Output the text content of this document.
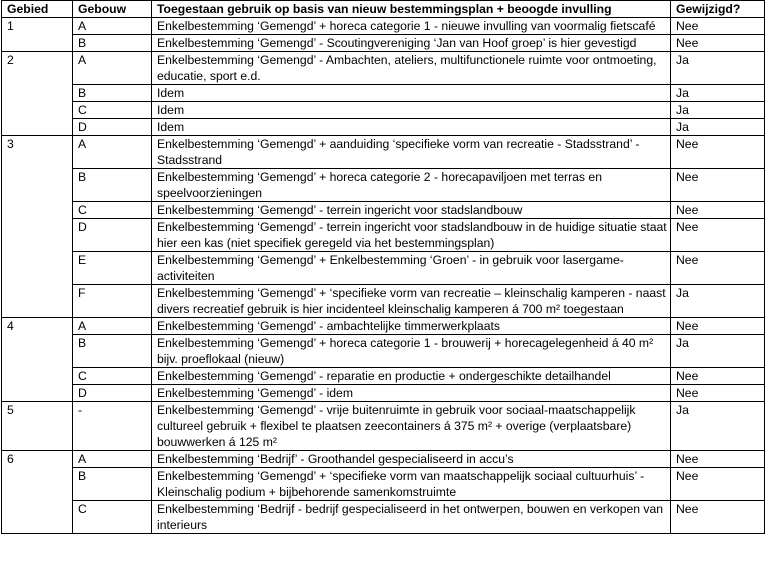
Gebied	Gebouw	Toegestaan gebruik op basis van nieuw bestemmingsplan + beoogde invulling	Gewijzigd?
1	A	Enkelbestemming ‘Gemengd’ + horeca categorie 1 - nieuwe invulling van voormalig fietscafé	Nee
	B	Enkelbestemming ‘Gemengd’ - Scoutingvereniging ‘Jan van Hoof groep’ is hier gevestigd	Nee
2	A	Enkelbestemming ‘Gemengd’ - Ambachten, ateliers, multifunctionele ruimte voor ontmoeting, educatie, sport e.d.	Ja
	B	Idem	Ja
	C	Idem	Ja
	D	Idem	Ja
3	A	Enkelbestemming ‘Gemengd’ + aanduiding ‘specifieke vorm van recreatie - Stadsstrand’ - Stadsstrand	Nee
	B	Enkelbestemming ‘Gemengd’ + horeca categorie 2 - horecapaviljoen met terras en speelvoorzieningen	Nee
	C	Enkelbestemming ‘Gemengd’ - terrein ingericht voor stadslandbouw	Nee
	D	Enkelbestemming ‘Gemengd’ - terrein ingericht voor stadslandbouw in de huidige situatie staat hier een kas (niet specifiek geregeld via het bestemmingsplan)	Nee
	E	Enkelbestemming ‘Gemengd’ + Enkelbestemming ‘Groen’ - in gebruik voor lasergame-activiteiten	Nee
	F	Enkelbestemming ‘Gemengd’ + ‘specifieke vorm van recreatie – kleinschalig kamperen - naast divers recreatief gebruik is hier incidenteel kleinschalig kamperen á 700 m² toegestaan	Ja
4	A	Enkelbestemming ‘Gemengd’ - ambachtelijke timmerwerkplaats	Nee
	B	Enkelbestemming ‘Gemengd’ + horeca categorie 1 - brouwerij + horecagelegenheid á 40 m² bijv. proeflokaal (nieuw)	Ja
	C	Enkelbestemming ‘Gemengd’ - reparatie en productie + ondergeschikte detailhandel	Nee
	D	Enkelbestemming ‘Gemengd’ - idem	Nee
5	-	Enkelbestemming ‘Gemengd’ - vrije buitenruimte in gebruik voor sociaal-maatschappelijk cultureel gebruik + flexibel te plaatsen zeecontainers á 375 m² + overige (verplaatsbare) bouwwerken á 125 m²	Ja
6	A	Enkelbestemming ‘Bedrijf’ - Groothandel gespecialiseerd in accu’s	Nee
	B	Enkelbestemming ‘Gemengd’ + ‘specifieke vorm van maatschappelijk sociaal cultuurhuis’ - Kleinschalig podium + bijbehorende samenkomstruimte	Nee
	C	Enkelbestemming ‘Bedrijf - bedrijf gespecialiseerd in het ontwerpen, bouwen en verkopen van interieurs	Nee
